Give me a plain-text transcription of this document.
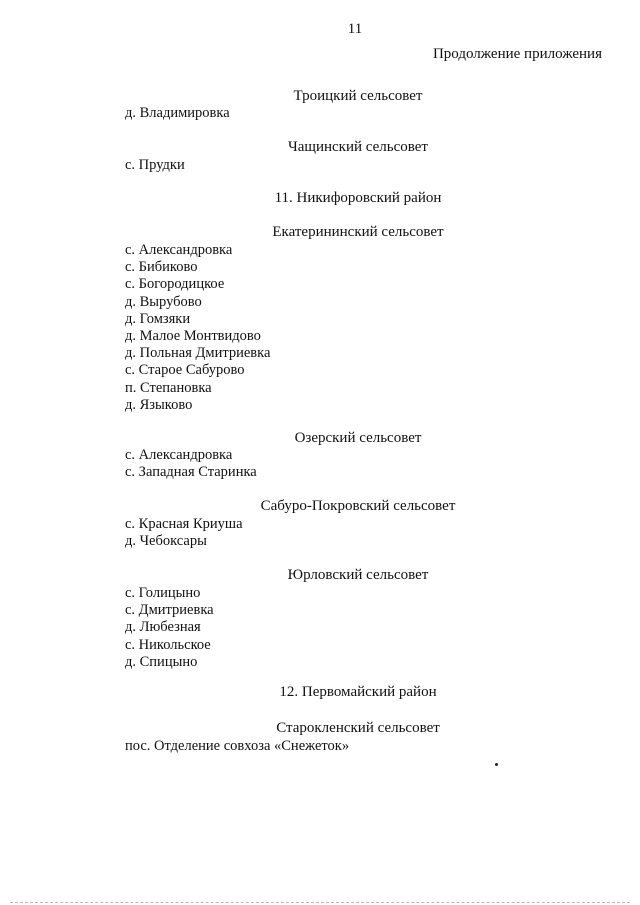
11
Продолжение приложения
Троицкий сельсовет
д. Владимировка
Чащинский сельсовет
с. Прудки
11. Никифоровский район
Екатерининский сельсовет
с. Александровка
с. Бибиково
с. Богородицкое
д. Вырубово
д. Гомзяки
д. Малое Монтвидово
д. Польная Дмитриевка
с. Старое Сабурово
п. Степановка
д. Языково
Озерский сельсовет
с. Александровка
с. Западная Старинка
Сабуро-Покровский сельсовет
с. Красная Криуша
д. Чебоксары
Юрловский сельсовет
с. Голицыно
с. Дмитриевка
д. Любезная
с. Никольское
д. Спицыно
12. Первомайский район
Старокленский сельсовет
пос. Отделение совхоза «Снежеток»
